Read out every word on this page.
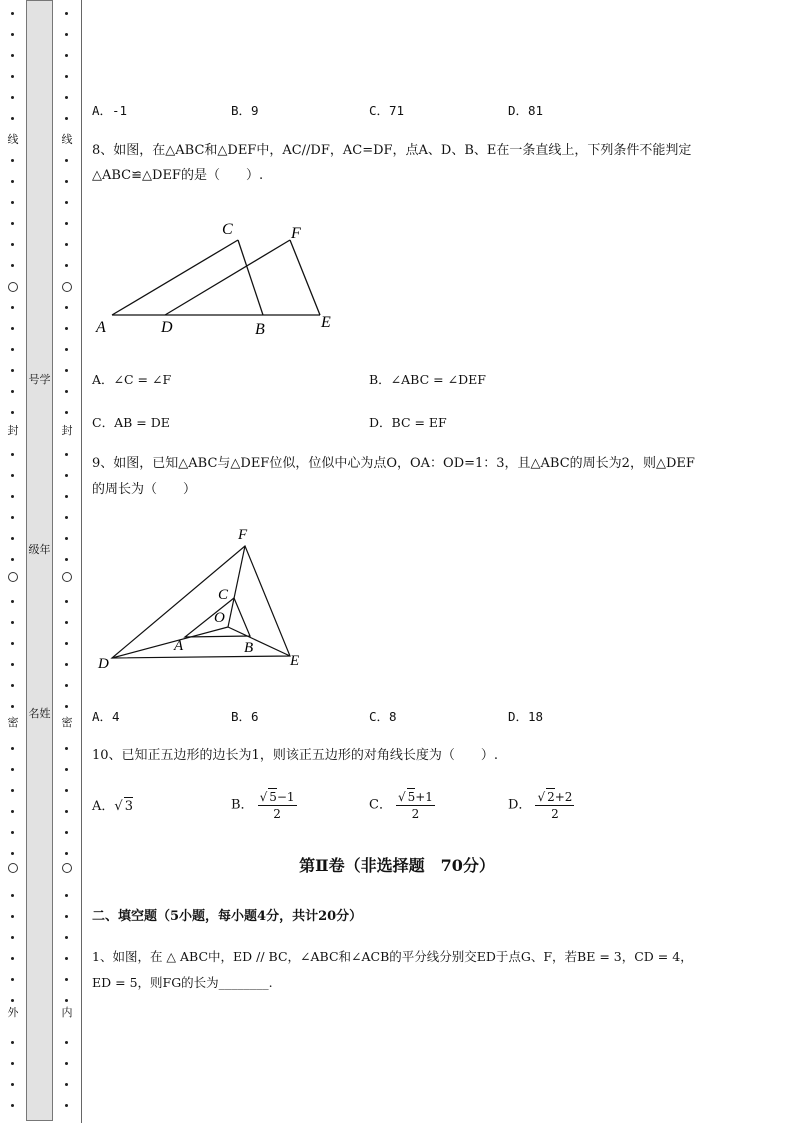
线
封
密
外
号学
级年
名姓
线
封
密
内
A．-1	B．9	C．71	D．81
8、如图，在△ABC和△DEF中，AC//DF，AC=DF，点A、D、B、E在一条直线上，下列条件不能判定
△ABC≌△DEF的是（　　）.
A	D	B	E
C	F
A．∠C = ∠F	B．∠ABC = ∠DEF
C．AB = DE	D．BC = EF
9、如图，已知△ABC与△DEF位似，位似中心为点O，OA：OD=1：3，且△ABC的周长为2，则△DEF
的周长为（　　）
D
F
E
C
A	B
O
A．4	B．6	C．8	D．18
10、已知正五边形的边长为1，则该正五边形的对角线长度为（　　）.
A．√ 3	B． $\frac{√ 5-1}{2}$	C． $\frac{√ 5+1}{2}$	D． $\frac{√ 2+2}{2}$
第Ⅱ卷（非选择题　70分）
二、填空题（5小题，每小题4分，共计20分）
1、如图，在 △ ABC中，ED // BC，∠ABC和∠ACB的平分线分别交ED于点G、F，若BE = 3，CD = 4，
ED = 5，则FG的长为________.
